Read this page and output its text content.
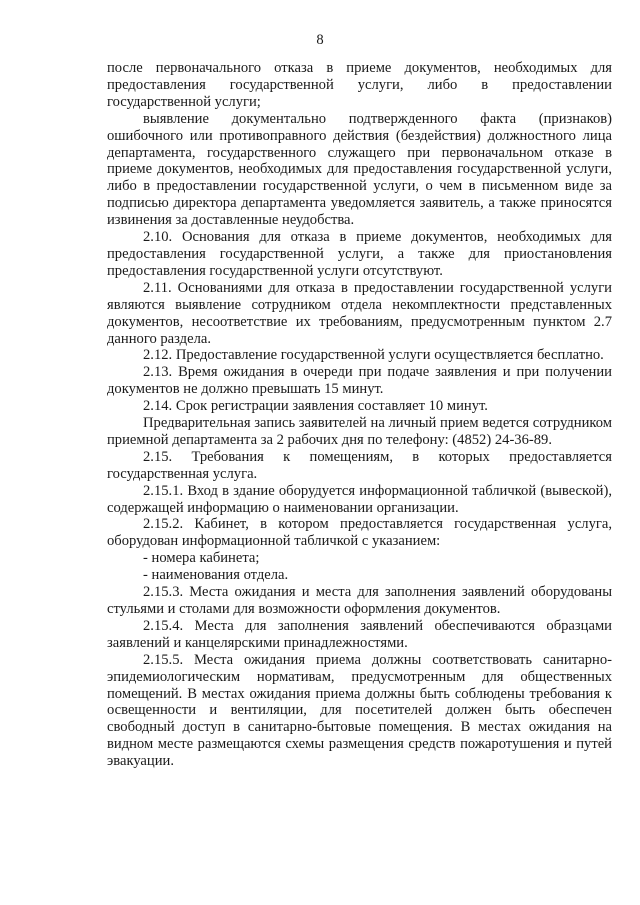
8

после первоначального отказа в приеме документов, необходимых для предоставления государственной услуги, либо в предоставлении государственной услуги;

выявление документально подтвержденного факта (признаков) ошибочного или противоправного действия (бездействия) должностного лица департамента, государственного служащего при первоначальном отказе в приеме документов, необходимых для предоставления государственной услуги, либо в предоставлении государственной услуги, о чем в письменном виде за подписью директора департамента уведомляется заявитель, а также приносятся извинения за доставленные неудобства.

2.10. Основания для отказа в приеме документов, необходимых для предоставления государственной услуги, а также для приостановления предоставления государственной услуги отсутствуют.

2.11. Основаниями для отказа в предоставлении государственной услуги являются выявление сотрудником отдела некомплектности представленных документов, несоответствие их требованиям, предусмотренным пунктом 2.7 данного раздела.

2.12. Предоставление государственной услуги осуществляется бесплатно.

2.13. Время ожидания в очереди при подаче заявления и при получении документов не должно превышать 15 минут.

2.14. Срок регистрации заявления составляет 10 минут.

Предварительная запись заявителей на личный прием ведется сотрудником приемной департамента за 2 рабочих дня по телефону: (4852) 24-36-89.

2.15. Требования к помещениям, в которых предоставляется государственная услуга.

2.15.1. Вход в здание оборудуется информационной табличкой (вывеской), содержащей информацию о наименовании организации.

2.15.2. Кабинет, в котором предоставляется государственная услуга, оборудован информационной табличкой с указанием:

- номера кабинета;

- наименования отдела.

2.15.3. Места ожидания и места для заполнения заявлений оборудованы стульями и столами для возможности оформления документов.

2.15.4. Места для заполнения заявлений обеспечиваются образцами заявлений и канцелярскими принадлежностями.

2.15.5. Места ожидания приема должны соответствовать санитарно-эпидемиологическим нормативам, предусмотренным для общественных помещений. В местах ожидания приема должны быть соблюдены требования к освещенности и вентиляции, для посетителей должен быть обеспечен свободный доступ в санитарно-бытовые помещения. В местах ожидания на видном месте размещаются схемы размещения средств пожаротушения и путей эвакуации.
